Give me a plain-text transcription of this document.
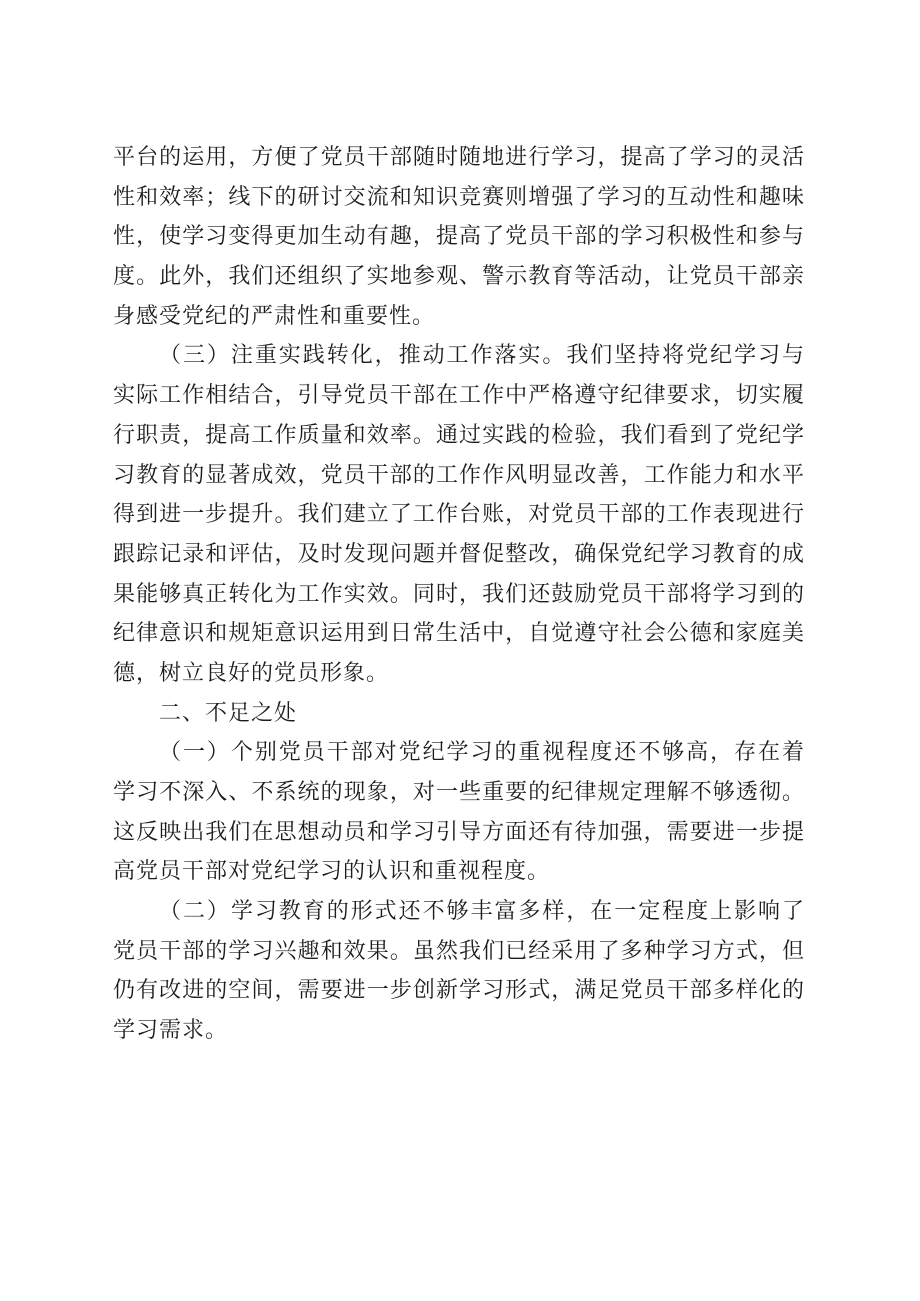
平台的运用，方便了党员干部随时随地进行学习，提高了学习的灵活
性和效率；线下的研讨交流和知识竞赛则增强了学习的互动性和趣味
性，使学习变得更加生动有趣，提高了党员干部的学习积极性和参与
度。此外，我们还组织了实地参观、警示教育等活动，让党员干部亲
身感受党纪的严肃性和重要性。
（三）注重实践转化，推动工作落实。我们坚持将党纪学习与
实际工作相结合，引导党员干部在工作中严格遵守纪律要求，切实履
行职责，提高工作质量和效率。通过实践的检验，我们看到了党纪学
习教育的显著成效，党员干部的工作作风明显改善，工作能力和水平
得到进一步提升。我们建立了工作台账，对党员干部的工作表现进行
跟踪记录和评估，及时发现问题并督促整改，确保党纪学习教育的成
果能够真正转化为工作实效。同时，我们还鼓励党员干部将学习到的
纪律意识和规矩意识运用到日常生活中，自觉遵守社会公德和家庭美
德，树立良好的党员形象。
二、不足之处
（一）个别党员干部对党纪学习的重视程度还不够高，存在着
学习不深入、不系统的现象，对一些重要的纪律规定理解不够透彻。
这反映出我们在思想动员和学习引导方面还有待加强，需要进一步提
高党员干部对党纪学习的认识和重视程度。
（二）学习教育的形式还不够丰富多样，在一定程度上影响了
党员干部的学习兴趣和效果。虽然我们已经采用了多种学习方式，但
仍有改进的空间，需要进一步创新学习形式，满足党员干部多样化的
学习需求。
